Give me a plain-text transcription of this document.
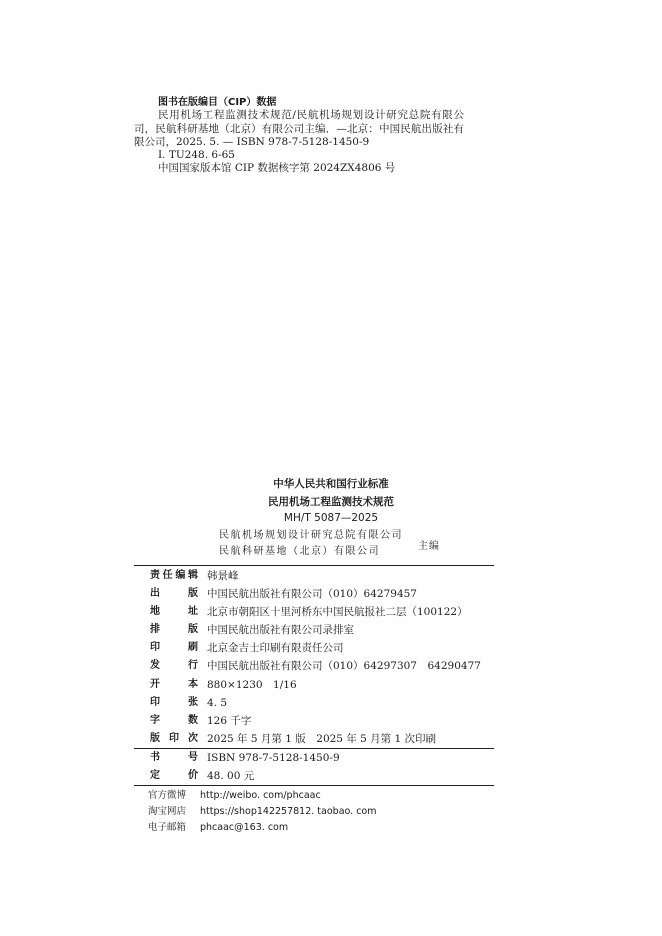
图书在版编目（CIP）数据
民用机场工程监测技术规范/民航机场规划设计研究总院有限公司，民航科研基地（北京）有限公司主编．—北京：中国民航出版社有限公司，2025. 5. — ISBN 978-7-5128-1450-9
Ⅰ. TU248. 6-65
中国国家版本馆 CIP 数据核字第 2024ZX4806 号
中华人民共和国行业标准
民用机场工程监测技术规范
MH/T 5087—2025
民航机场规划设计研究总院有限公司
民航科研基地（北京）有限公司	主编
责任编辑 韩景峰
出　版 中国民航出版社有限公司（010）64279457
地　址 北京市朝阳区十里河桥东中国民航报社二层（100122）
排　版 中国民航出版社有限公司录排室
印　刷 北京金吉士印刷有限责任公司
发　行 中国民航出版社有限公司（010）64297307　64290477
开　本 880×1230　1/16
印　张 4. 5
字　数 126 千字
版印次 2025 年 5 月第 1 版　2025 年 5 月第 1 次印刷
书　号 ISBN 978-7-5128-1450-9
定　价 48. 00 元
官方微博 http://weibo. com/phcaac
淘宝网店 https://shop142257812. taobao. com
电子邮箱 phcaac@163. com
